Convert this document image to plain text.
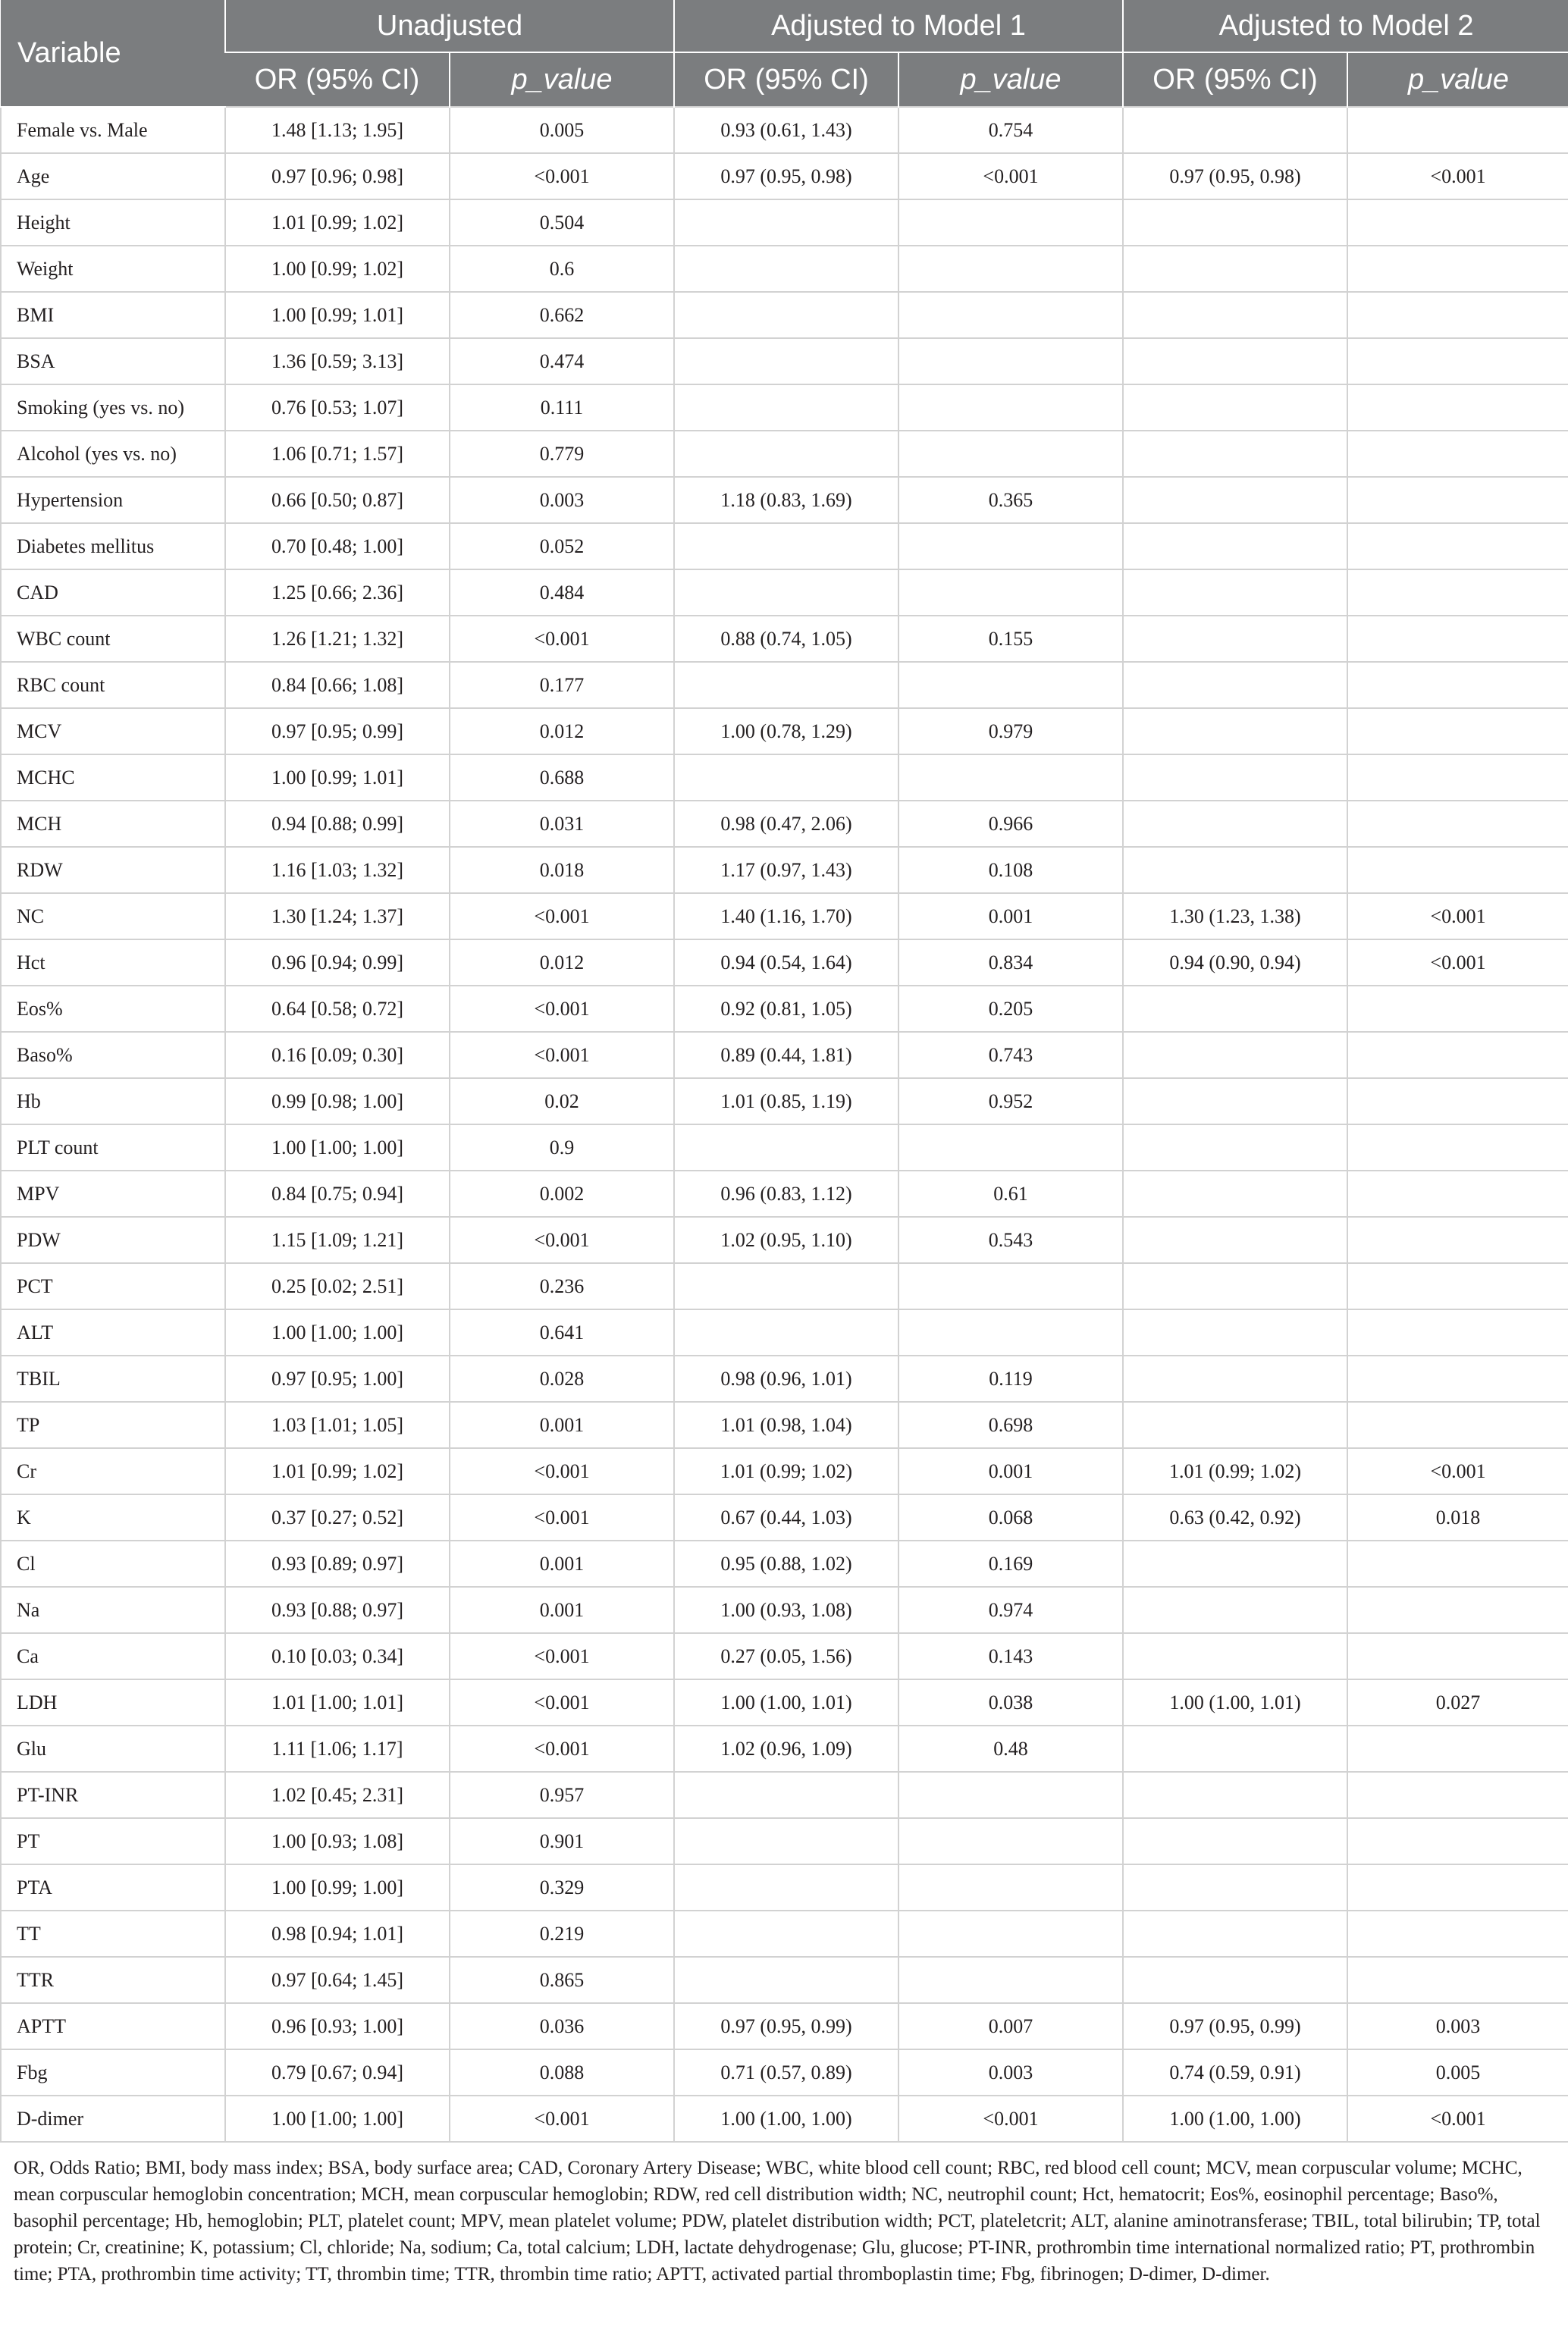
Variable	Unadjusted		Adjusted to Model 1		Adjusted to Model 2	
	OR (95% CI)	p_value	OR (95% CI)	p_value	OR (95% CI)	p_value
Female vs. Male	1.48 [1.13; 1.95]	0.005	0.93 (0.61, 1.43)	0.754		
Age	0.97 [0.96; 0.98]	<0.001	0.97 (0.95, 0.98)	<0.001	0.97 (0.95, 0.98)	<0.001
Height	1.01 [0.99; 1.02]	0.504				
Weight	1.00 [0.99; 1.02]	0.6				
BMI	1.00 [0.99; 1.01]	0.662				
BSA	1.36 [0.59; 3.13]	0.474				
Smoking (yes vs. no)	0.76 [0.53; 1.07]	0.111				
Alcohol (yes vs. no)	1.06 [0.71; 1.57]	0.779				
Hypertension	0.66 [0.50; 0.87]	0.003	1.18 (0.83, 1.69)	0.365		
Diabetes mellitus	0.70 [0.48; 1.00]	0.052				
CAD	1.25 [0.66; 2.36]	0.484				
WBC count	1.26 [1.21; 1.32]	<0.001	0.88 (0.74, 1.05)	0.155		
RBC count	0.84 [0.66; 1.08]	0.177				
MCV	0.97 [0.95; 0.99]	0.012	1.00 (0.78, 1.29)	0.979		
MCHC	1.00 [0.99; 1.01]	0.688				
MCH	0.94 [0.88; 0.99]	0.031	0.98 (0.47, 2.06)	0.966		
RDW	1.16 [1.03; 1.32]	0.018	1.17 (0.97, 1.43)	0.108		
NC	1.30 [1.24; 1.37]	<0.001	1.40 (1.16, 1.70)	0.001	1.30 (1.23, 1.38)	<0.001
Hct	0.96 [0.94; 0.99]	0.012	0.94 (0.54, 1.64)	0.834	0.94 (0.90, 0.94)	<0.001
Eos%	0.64 [0.58; 0.72]	<0.001	0.92 (0.81, 1.05)	0.205		
Baso%	0.16 [0.09; 0.30]	<0.001	0.89 (0.44, 1.81)	0.743		
Hb	0.99 [0.98; 1.00]	0.02	1.01 (0.85, 1.19)	0.952		
PLT count	1.00 [1.00; 1.00]	0.9				
MPV	0.84 [0.75; 0.94]	0.002	0.96 (0.83, 1.12)	0.61		
PDW	1.15 [1.09; 1.21]	<0.001	1.02 (0.95, 1.10)	0.543		
PCT	0.25 [0.02; 2.51]	0.236				
ALT	1.00 [1.00; 1.00]	0.641				
TBIL	0.97 [0.95; 1.00]	0.028	0.98 (0.96, 1.01)	0.119		
TP	1.03 [1.01; 1.05]	0.001	1.01 (0.98, 1.04)	0.698		
Cr	1.01 [0.99; 1.02]	<0.001	1.01 (0.99; 1.02)	0.001	1.01 (0.99; 1.02)	<0.001
K	0.37 [0.27; 0.52]	<0.001	0.67 (0.44, 1.03)	0.068	0.63 (0.42, 0.92)	0.018
Cl	0.93 [0.89; 0.97]	0.001	0.95 (0.88, 1.02)	0.169		
Na	0.93 [0.88; 0.97]	0.001	1.00 (0.93, 1.08)	0.974		
Ca	0.10 [0.03; 0.34]	<0.001	0.27 (0.05, 1.56)	0.143		
LDH	1.01 [1.00; 1.01]	<0.001	1.00 (1.00, 1.01)	0.038	1.00 (1.00, 1.01)	0.027
Glu	1.11 [1.06; 1.17]	<0.001	1.02 (0.96, 1.09)	0.48		
PT-INR	1.02 [0.45; 2.31]	0.957				
PT	1.00 [0.93; 1.08]	0.901				
PTA	1.00 [0.99; 1.00]	0.329				
TT	0.98 [0.94; 1.01]	0.219				
TTR	0.97 [0.64; 1.45]	0.865				
APTT	0.96 [0.93; 1.00]	0.036	0.97 (0.95, 0.99)	0.007	0.97 (0.95, 0.99)	0.003
Fbg	0.79 [0.67; 0.94]	0.088	0.71 (0.57, 0.89)	0.003	0.74 (0.59, 0.91)	0.005
D-dimer	1.00 [1.00; 1.00]	<0.001	1.00 (1.00, 1.00)	<0.001	1.00 (1.00, 1.00)	<0.001

OR, Odds Ratio; BMI, body mass index; BSA, body surface area; CAD, Coronary Artery Disease; WBC, white blood cell count; RBC, red blood cell count; MCV, mean corpuscular volume; MCHC, mean corpuscular hemoglobin concentration; MCH, mean corpuscular hemoglobin; RDW, red cell distribution width; NC, neutrophil count; Hct, hematocrit; Eos%, eosinophil percentage; Baso%, basophil percentage; Hb, hemoglobin; PLT, platelet count; MPV, mean platelet volume; PDW, platelet distribution width; PCT, plateletcrit; ALT, alanine aminotransferase; TBIL, total bilirubin; TP, total protein; Cr, creatinine; K, potassium; Cl, chloride; Na, sodium; Ca, total calcium; LDH, lactate dehydrogenase; Glu, glucose; PT-INR, prothrombin time international normalized ratio; PT, prothrombin time; PTA, prothrombin time activity; TT, thrombin time; TTR, thrombin time ratio; APTT, activated partial thromboplastin time; Fbg, fibrinogen; D-dimer, D-dimer.
